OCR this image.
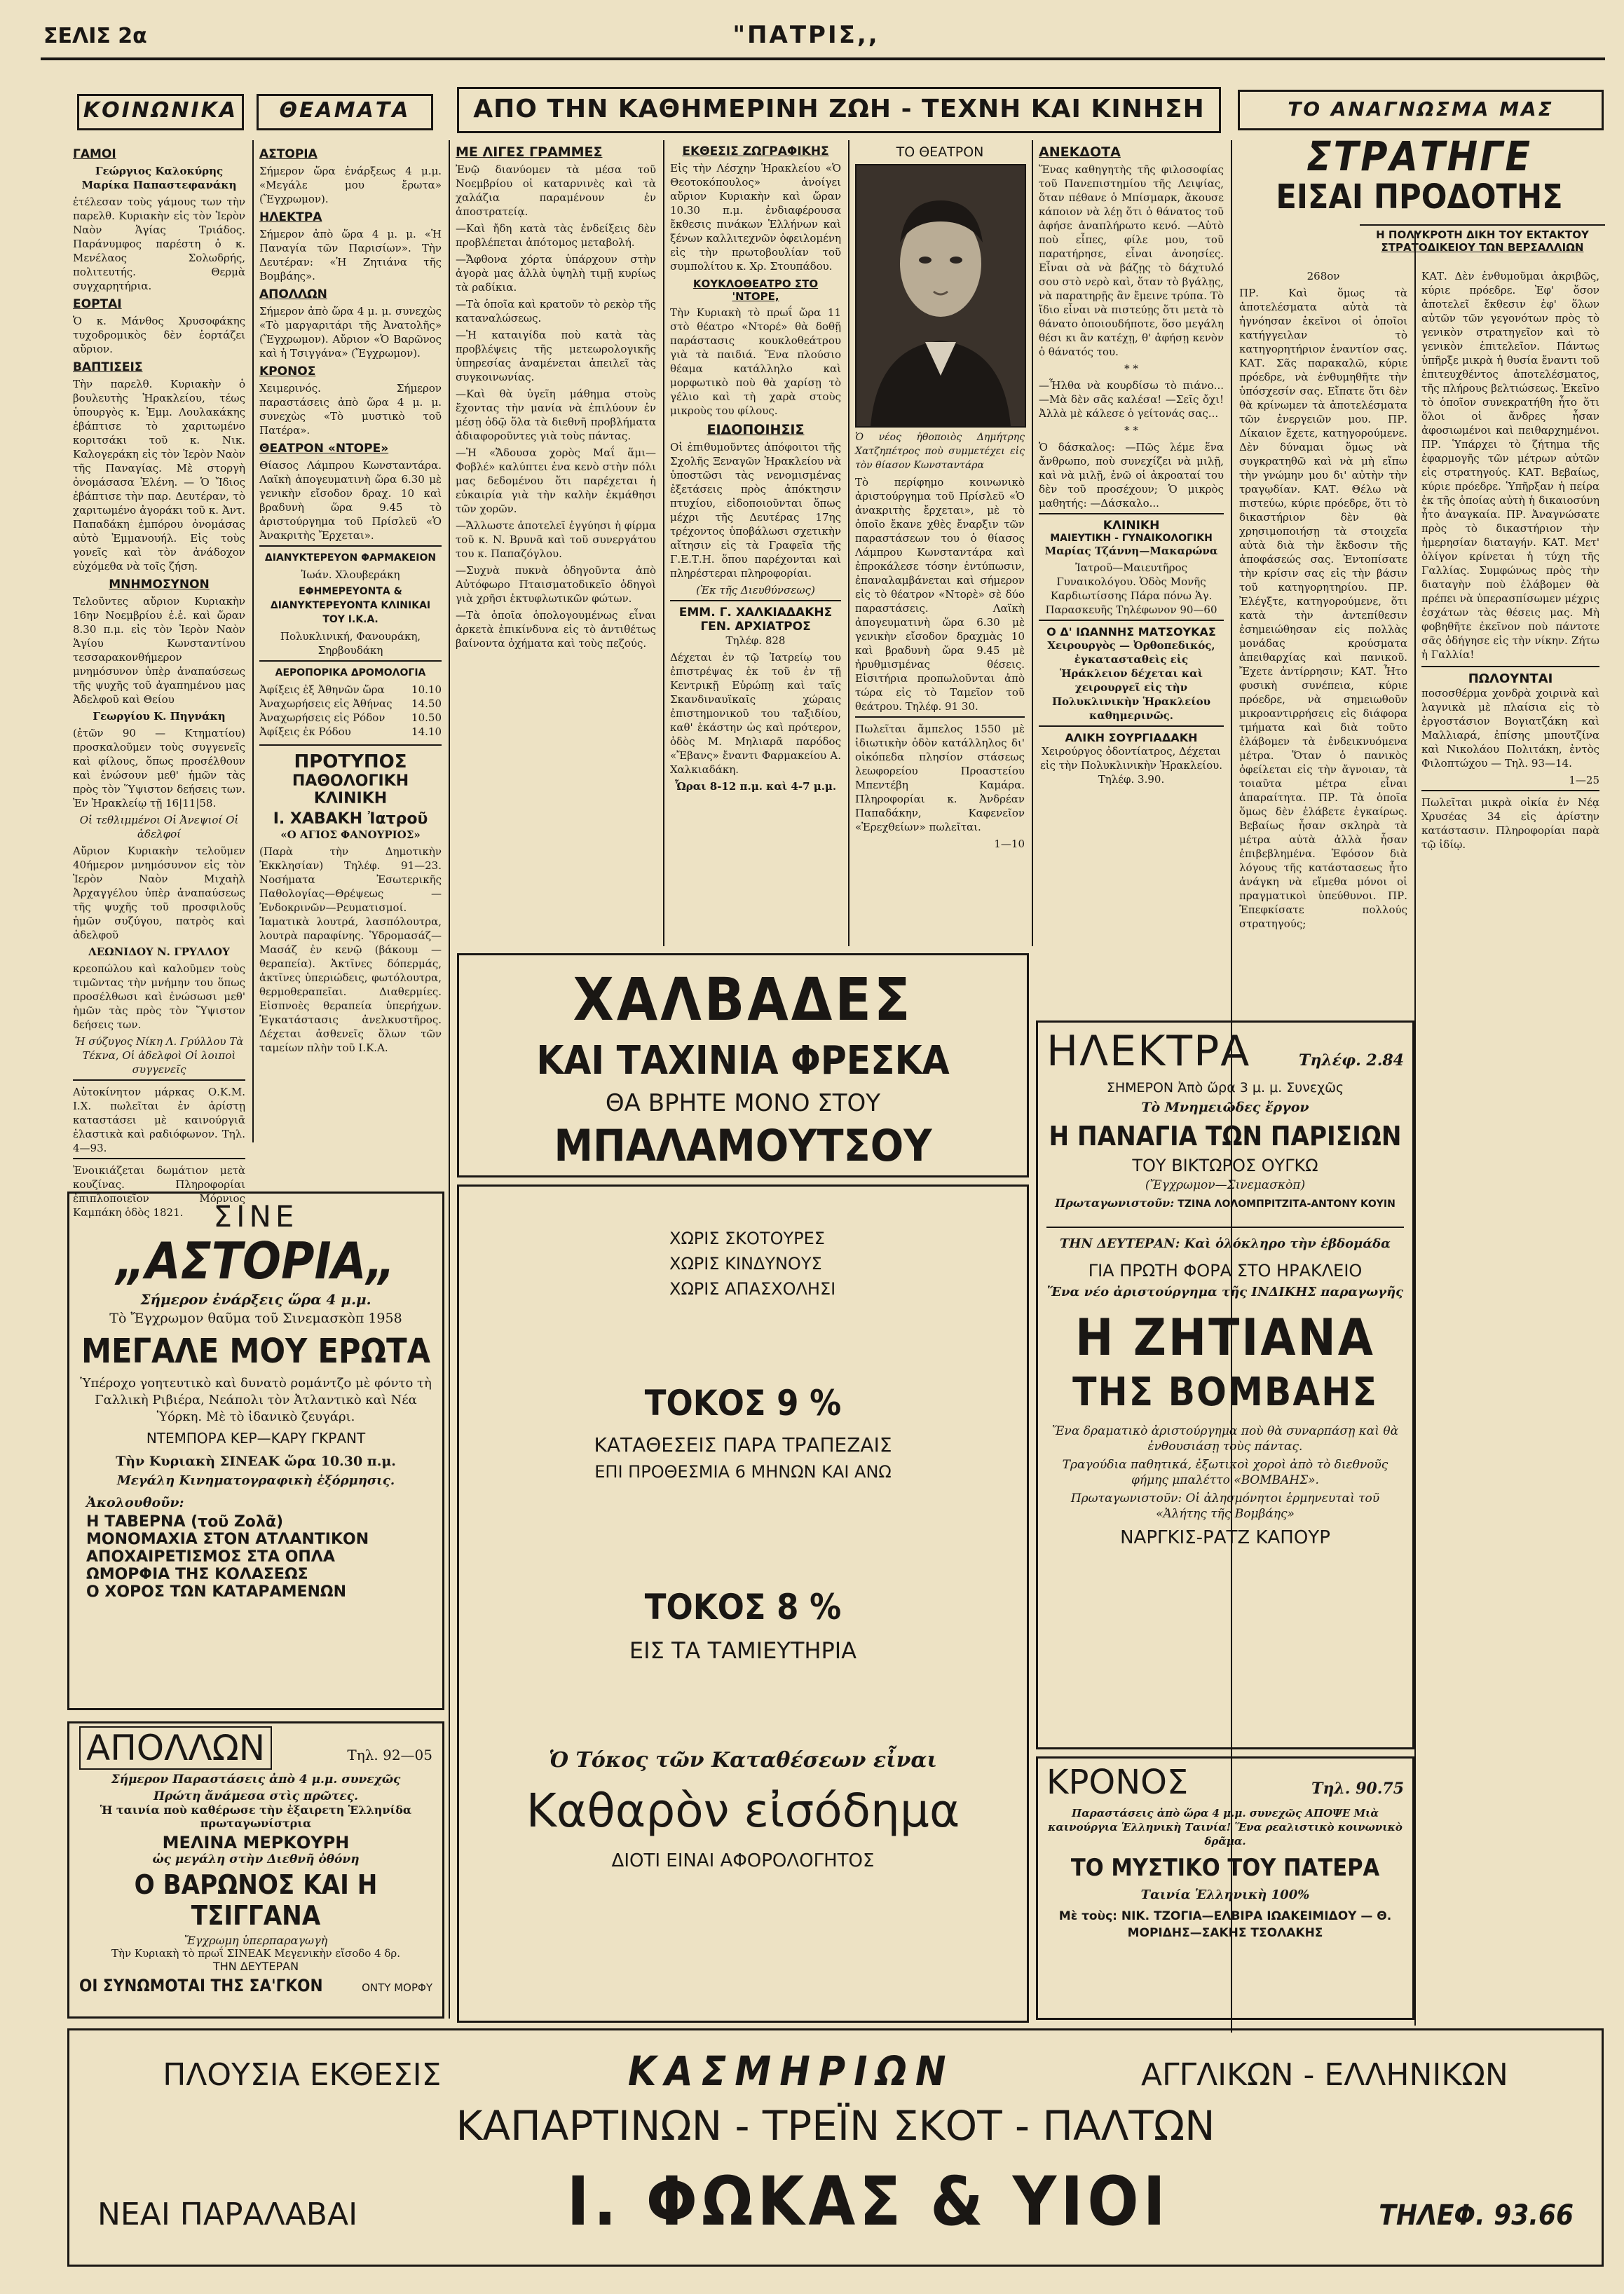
ΣΕΛΙΣ 2α	"ΠΑΤΡΙΣ,,
ΚΟΙΝΩΝΙΚΑ	ΘΕΑΜΑΤΑ	ΑΠΟ ΤΗΝ ΚΑΘΗΜΕΡΙΝΗ ΖΩΗ - ΤΕΧΝΗ ΚΑΙ ΚΙΝΗΣΗ	ΤΟ ΑΝΑΓΝΩΣΜΑ ΜΑΣ
ΓΑΜΟΙ
Γεώργιος Καλοκύρης Μαρίκα Παπαστεφανάκη
ἐτέλεσαν τοὺς γάμους των τὴν παρελθ. Κυριακὴν εἰς τὸν Ἱερὸν Ναὸν Ἁγίας Τριάδος. Παράνυμφος παρέστη ὁ κ. Μενέλαος Σολωδρής, πολιτευτής. Θερμὰ συγχαρητήρια.
ΕΟΡΤΑΙ
Ὁ κ. Μάνθος Χρυσοφάκης τυχοδρομικὸς δὲν ἑορτάζει αὔριον.
ΒΑΠΤΙΣΕΙΣ
Τὴν παρελθ. Κυριακὴν ὁ βουλευτὴς Ἡρακλείου, τέως ὑπουργὸς κ. Ἐμμ. Λουλακάκης ἐβάπτισε τὸ χαριτωμένο κοριτσάκι τοῦ κ. Νικ. Καλογεράκη εἰς τὸν Ἱερὸν Ναὸν τῆς Παναγίας. Μὲ στοργὴ ὀνομάσασα Ἑλένη. — Ὁ Ἴδιος ἐβάπτισε τὴν παρ. Δευτέραν, τὸ χαριτωμένο ἀγοράκι τοῦ κ. Ἀντ. Παπαδάκη ἐμπόρου ὀνομάσας αὐτὸ Ἐμμανουήλ. Εἰς τοὺς γονεῖς καὶ τὸν ἀνάδοχον εὐχόμεθα νὰ τοῖς ζήση.
ΜΝΗΜΟΣΥΝΟΝ
Τελοῦντες αὔριον Κυριακὴν 16ην Νοεμβρίου ἐ.ἑ. καὶ ὥραν 8.30 π.μ. εἰς τὸν Ἱερὸν Ναὸν Ἁγίου Κωνσταντίνου τεσσαρακονθήμερον μνημόσυνον ὑπὲρ ἀναπαύσεως τῆς ψυχῆς τοῦ ἀγαπημένου μας Ἀδελφοῦ καὶ Θείου
Γεωργίου Κ. Πηγνάκη
(ἐτῶν 90 — Κτηματίου) προσκαλοῦμεν τοὺς συγγενεῖς καὶ φίλους, ὅπως προσέλθουν καὶ ἑνώσουν μεθ' ἡμῶν τὰς πρὸς τὸν Ὕψιστον δεήσεις των. Ἐν Ἡρακλείῳ τῇ 16|11|58.
Οἱ τεθλιμμένοι Οἱ Ἀνεψιοί Οἱ ἀδελφοί
Αὔριον Κυριακὴν τελοῦμεν 40ήμερον μνημόσυνον εἰς τὸν Ἱερὸν Ναὸν Μιχαὴλ Ἀρχαγγέλου ὑπὲρ ἀναπαύσεως τῆς ψυχῆς τοῦ προσφιλοῦς ἡμῶν συζύγου, πατρὸς καὶ ἀδελφοῦ
ΛΕΩΝΙΔΟΥ Ν. ΓΡΥΛΛΟΥ
κρεοπώλου καὶ καλοῦμεν τοὺς τιμῶντας τὴν μνήμην του ὅπως προσέλθωσι καὶ ἑνώσωσι μεθ' ἡμῶν τὰς πρὸς τὸν Ὕψιστον δεήσεις των.
Ἡ σύζυγος Νίκη Λ. Γρύλλου Τὰ Τέκνα, Οἱ ἀδελφοὶ Οἱ λοιποὶ συγγενεῖς
Αὐτοκίνητον μάρκας Ο.Κ.Μ. Ι.Χ. πωλεῖται ἐν ἀρίστῃ καταστάσει μὲ καινούργιᾱ ἐλαστικὰ καὶ ραδιόφωνον. Τηλ. 4—93.
Ἐνοικιάζεται δωμάτιον μετὰ κουζίνας. Πληροφορίαι ἐπιπλοποιεῖον Μόρνιος Καμπάκη ὁδὸς 1821.
ΑΣΤΟΡΙΑ
Σήμερον ὥρα ἐνάρξεως 4 μ.μ. «Μεγάλε μου ἔρωτα» (Ἔγχρωμον).
ΗΛΕΚΤΡΑ
Σήμερον ἀπὸ ὥρα 4 μ. μ. «Ἡ Παναγία τῶν Παρισίων». Τὴν Δευτέραν: «Ἡ Ζητιάνα τῆς Βομβάης».
ΑΠΟΛΛΩΝ
Σήμερον ἀπὸ ὥρα 4 μ. μ. συνεχὼς «Τὸ μαργαριτάρι τῆς Ἀνατολῆς» (Ἔγχρωμον). Αὔριον «Ὁ Βαρῶνος καὶ ἡ Τσιγγάνα» (Ἔγχρωμον).
ΚΡΟΝΟΣ
Χειμερινός. Σήμερον παραστάσεις ἀπὸ ὥρα 4 μ. μ. συνεχὼς «Τὸ μυστικὸ τοῦ Πατέρα».
ΘΕΑΤΡΟΝ «ΝΤΟΡΕ»
Θίασος Λάμπρου Κωνσταντάρα. Λαϊκὴ ἀπογευματινὴ ὥρα 6.30 μὲ γενικὴν εἴσοδον δραχ. 10 καὶ βραδυνὴ ὥρα 9.45 τὸ ἀριστούργημα τοῦ Πρίσλεϋ «Ὁ Ἀνακριτὴς Ἔρχεται».
ΔΙΑΝΥΚΤΕΡΕΥΟΝ ΦΑΡΜΑΚΕΙΟΝ
Ἰωάν. Χλουβεράκη
ΕΦΗΜΕΡΕΥΟΝΤΑ & ΔΙΑΝΥΚΤΕΡΕΥΟΝΤΑ ΚΛΙΝΙΚΑΙ ΤΟΥ Ι.Κ.Α.
Πολυκλινική, Φανουράκη, Σηρβουδάκη
ΑΕΡΟΠΟΡΙΚΑ ΔΡΟΜΟΛΟΓΙΑ
Ἀφίξεις ἐξ Ἀθηνῶν ὥρα	10.10
Ἀναχωρήσεις εἰς Ἀθήνας 14.50
Ἀναχωρήσεις εἰς Ρόδον	10.50
Ἀφίξεις ἐκ Ρόδου	14.10
ΠΡΟΤΥΠΟΣ
ΠΑΘΟΛΟΓΙΚΗ ΚΛΙΝΙΚΗ
Ι. ΧΑΒΑΚΗ Ἰατροῦ
«Ο ΑΓΙΟΣ ΦΑΝΟΥΡΙΟΣ»
(Παρὰ τὴν Δημοτικὴν Ἐκκλησίαν) Τηλέφ. 91—23. Νοσήματα Ἐσωτερικῆς Παθολογίας—Θρέψεως — Ἐνδοκρινῶν—Ρευματισμοί. Ἰαματικὰ λουτρά, λασπόλουτρα, λουτρὰ παραφίνης. Ὑδρομασάζ—Μασάζ ἐν κενῷ (βάκουμ — θεραπεία). Ἀκτῖνες δόπερμάς, ἀκτῖνες ὑπεριώδεις, φωτόλουτρα, θερμοθεραπεῖαι. Διαθερμίες. Εἰσπνοὲς θεραπεία ὑπερήχων. Ἐγκατάστασις ἀνελκυστῆρος. Δέχεται ἀσθενεῖς ὅλων τῶν ταμείων πλὴν τοῦ Ι.Κ.Α.
ΜΕ ΛΙΓΕΣ ΓΡΑΜΜΕΣ
Ἐνῷ διανύομεν τὰ μέσα τοῦ Νοεμβρίου οἱ καταρνινὲς καὶ τὰ χαλάζια παραμένουν ἐν ἀποστρατείᾳ.
—Καὶ ἤδη κατὰ τὰς ἐνδείξεις δὲν προβλέπεται ἀπότομος μεταβολή.
—Ἄφθονα χόρτα ὑπάρχουν στὴν ἀγορὰ μας ἀλλὰ ὑψηλὴ τιμῇ κυρίως τὰ ραδίκια.
—Τὰ ὁποῖα καὶ κρατοῦν τὸ ρεκὸρ τῆς καταναλώσεως.
—Ἡ καταιγίδα ποὺ κατὰ τὰς προβλέψεις τῆς μετεωρολογικῆς ὑπηρεσίας ἀναμένεται ἀπειλεῖ τὰς συγκοινωνίας.
—Καὶ θὰ ὑγεῖη μάθημα στοὺς ἔχοντας τὴν μανία νὰ ἐπιλύουν ἐν μέσῃ ὁδῷ ὅλα τὰ διεθνῆ προβλήματα ἀδιαφοροῦντες γιὰ τοὺς πάντας.
—Ἡ «Ἄδουσα χορὸς Μαΐ ἅμι—Φοβλέ» καλύπτει ἐνα κενὸ στὴν πόλι μας δεδομένου ὅτι παρέχεται ἡ εὐκαιρία γιὰ τὴν καλὴν ἐκμάθησι τῶν χορῶν.
—Ἄλλωστε ἀποτελεῖ ἐγγύησι ἡ φίρμα τοῦ κ. Ν. Βρυνᾶ καὶ τοῦ συνεργάτου του κ. Παπαζόγλου.
—Συχνὰ πυκνὰ ὁδηγοῦντα ἀπὸ Αὐτόφωρο Πταισματοδικεῖο ὁδηγοὶ γιὰ χρῆσι ἐκτυφλωτικῶν φώτων.
—Τὰ ὁποῖα ὁπολογουμένως εἶναι ἀρκετὰ ἐπικίνδυνα εἰς τὸ ἀντιθέτως βαίνοντα ὀχήματα καὶ τοὺς πεζούς.
ΕΚΘΕΣΙΣ ΖΩΓΡΑΦΙΚΗΣ
Εἰς τὴν Λέσχην Ἡρακλείου «Ὁ Θεοτοκόπουλος» ἀνοίγει αὔριον Κυριακὴν καὶ ὥραν 10.30 π.μ. ἐνδιαφέρουσα ἔκθεσις πινάκων Ἑλλήνων καὶ ξένων καλλιτεχνῶν ὀφειλομένη εἰς τὴν πρωτοβουλίαν τοῦ συμπολίτου κ. Χρ. Στουπάδου.
ΚΟΥΚΛΟΘΕΑΤΡΟ ΣΤΟ 'ΝΤΟΡΕ,
Τὴν Κυριακὴ τὸ πρωΐ ὥρα 11 στὸ θέατρο «Ντορέ» θὰ δοθῇ παράστασις κουκλοθεάτρου γιὰ τὰ παιδιά. Ἕνα πλούσιο θέαμα κατάλληλο καὶ μορφωτικὸ ποὺ θὰ χαρίσῃ τὸ γέλιο καὶ τὴ χαρὰ στοὺς μικροὺς του φίλους.
ΕΙΔΟΠΟΙΗΣΙΣ
Οἱ ἐπιθυμοῦντες ἀπόφοιτοι τῆς Σχολῆς Ξεναγῶν Ἡρακλείου νὰ ὑποστῶσι τὰς νενομισμένας ἐξετάσεις πρὸς ἀπόκτησιν πτυχίου, εἰδοποιοῦνται ὅπως μέχρι τῆς Δευτέρας 17ης τρέχοντος ὑποβάλωσι σχετικὴν αἴτησιν εἰς τὰ Γραφεῖα τῆς Γ.Ε.Τ.Η. ὅπου παρέχονται καὶ πληρέστεραι πληροφορίαι.
(Ἐκ τῆς Διευθύνσεως)
ΕΜΜ. Γ. ΧΑΛΚΙΑΔΑΚΗΣ
ΓΕΝ. ΑΡΧΙΑΤΡΟΣ
Τηλέφ. 828
Δέχεται ἐν τῷ Ἰατρείῳ του ἐπιστρέψας ἐκ τοῦ ἐν τῇ Κεντρικῇ Εὐρώπῃ καὶ ταῖς Σκανδιναυϊκαῖς χώραις ἐπιστημονικοῦ του ταξιδίου, καθ' ἑκάστην ὡς καὶ πρότερον, ὁδὸς Μ. Μηλιαρᾶ παρόδος «Ἔβανς» ἔναντι Φαρμακείου Α. Χαλκιαδάκη.
Ὧραι 8-12 π.μ. καὶ 4-7 μ.μ.
ΤΟ ΘΕΑΤΡΟΝ
Ὁ νέος ἠθοποιὸς Δημήτρης Χατζηπέτρος ποὺ συμμετέχει εἰς τὸν θίασον Κωνσταντάρα
Τὸ περίφημο κοινωνικὸ ἀριστούργημα τοῦ Πρίσλεϋ «Ὁ ἀνακριτὴς ἔρχεται», μὲ τὸ ὁποῖο ἔκανε χθὲς ἔναρξιν τῶν παραστάσεων του ὁ θίασος Λάμπρου Κωνσταντάρα καὶ ἐπροκάλεσε τόσην ἐντύπωσιν, ἐπαναλαμβάνεται καὶ σήμερον εἰς τὸ θέατρον «Ντορὲ» σὲ δύο παραστάσεις. Λαϊκὴ ἀπογευματινὴ ὥρα 6.30 μὲ γενικὴν εἴσοδον δραχμὰς 10 καὶ βραδυνὴ ὥρα 9.45 μὲ ἠρυθμισμένας θέσεις. Εἰσιτήρια προπωλοῦνται ἀπὸ τώρα εἰς τὸ Ταμεῖον τοῦ θεάτρου. Τηλέφ. 91 30.
Πωλεῖται ἄμπελος 1550 μὲ ἰδιωτικὴν ὁδὸν κατάλληλος δι' οἰκόπεδα πλησίον στάσεως λεωφορείου Προαστείου Μπεντέβη Καμάρα. Πληροφορίαι κ. Ἀνδρέαν Παπαδάκην, Καφενεῖον «Ἑρεχθείων» πωλεῖται.
1—10
ΑΝΕΚΔΟΤΑ
Ἕνας καθηγητὴς τῆς φιλοσοφίας τοῦ Πανεπιστημίου τῆς Λειψίας, ὅταν πέθανε ὁ Μπίσμαρκ, ἄκουσε κάποιον νὰ λέῃ ὅτι ὁ θάνατος τοῦ ἀφήσε ἀναπλήρωτο κενό. —Αὐτὸ ποὺ εἶπες, φίλε μου, τοῦ παρατήρησε, εἶναι ἀνοησίες. Εἶναι σὰ νὰ βάζῃς τὸ δάχτυλό σου στὸ νερὸ καὶ, ὅταν τὸ βγάλῃς, νὰ παρατηρῇς ἂν ἔμεινε τρύπα. Τὸ ἴδιο εἶναι νὰ πιστεύῃς ὅτι μετὰ τὸ θάνατο ὁποιουδήποτε, ὅσο μεγάλη θέσι κι ἂν κατέχῃ, θ' ἀφήσῃ κενὸν ὁ θάνατός του.
* *
—Ἦλθα νὰ κουρδίσω τὸ πιάνο... —Μὰ δὲν σᾶς καλέσα! —Σεῖς ὄχι! Ἀλλὰ μὲ κάλεσε ὁ γείτονάς σας...
* *
Ὁ δάσκαλος: —Πῶς λέμε ἕνα ἄνθρωπο, ποὺ συνεχίζει νὰ μιλῇ, καὶ νὰ μιλῇ, ἐνῶ οἱ ἀκροαταί του δὲν τοῦ προσέχουν; Ὁ μικρὸς μαθητής: —Δάσκαλο...
ΚΛΙΝΙΚΗ
ΜΑΙΕΥΤΙΚΗ - ΓΥΝΑΙΚΟΛΟΓΙΚΗ
Μαρίας Τζάννη—Μακαρώνα
Ἰατροῦ—Μαιευτῆρος Γυναικολόγου. Ὁδὸς Μονῆς Καρδιωτίσσης Πάρα πόνω Ἁγ. Παρασκευῆς Τηλέφωνον 90—60
Ο Δ' ΙΩΑΝΝΗΣ ΜΑΤΣΟΥΚΑΣ
Χειρουργὸς — Ὀρθοπεδικός, ἐγκατασταθεὶς εἰς Ἡράκλειον δέχεται καὶ χειρουργεῖ εἰς τὴν Πολυκλινικὴν Ἡρακλείου καθημερινῶς.
ΑΛΙΚΗ ΣΟΥΡΓΙΑΔΑΚΗ
Χειρούργος ὀδοντίατρος, Δέχεται εἰς τὴν Πολυκλινικὴν Ἡρακλείου. Τηλέφ. 3.90.
ΧΑΛΒΑΔΕΣ
ΚΑΙ ΤΑΧΙΝΙΑ ΦΡΕΣΚΑ
ΘΑ ΒΡΗΤΕ ΜΟΝΟ ΣΤΟΥ
ΜΠΑΛΑΜΟΥΤΣΟΥ
ΧΩΡΙΣ ΣΚΟΤΟΥΡΕΣ
ΧΩΡΙΣ ΚΙΝΔΥΝΟΥΣ
ΧΩΡΙΣ ΑΠΑΣΧΟΛΗΣΙ
ΤΟΚΟΣ 9 %
ΚΑΤΑΘΕΣΕΙΣ ΠΑΡΑ ΤΡΑΠΕΖΑΙΣ
ΕΠΙ ΠΡΟΘΕΣΜΙΑ 6 ΜΗΝΩΝ ΚΑΙ ΑΝΩ
ΤΟΚΟΣ 8 %
ΕΙΣ ΤΑ ΤΑΜΙΕΥΤΗΡΙΑ
Ὁ Τόκος τῶν Καταθέσεων εἶναι
Καθαρὸν εἰσόδημα
ΔΙΟΤΙ ΕΙΝΑΙ ΑΦΟΡΟΛΟΓΗΤΟΣ
ΣΙΝΕ
„ΑΣΤΟΡΙΑ„
Σήμερον ἐνάρξεις ὥρα 4 μ.μ.
Τὸ Ἔγχρωμον θαῦμα τοῦ Σινεμασκὸπ 1958
ΜΕΓΑΛΕ ΜΟΥ ΕΡΩΤΑ
Ὑπέροχο γοητευτικὸ καὶ δυνατὸ ρομάντζο μὲ φόντο τὴ Γαλλικὴ Ριβιέρα, Νεάπολι τὸν Ἀτλαντικὸ καὶ Νέα Ὑόρκη. Μὲ τὸ ἰδανικὸ ζευγάρι.
ΝΤΕΜΠΟΡΑ ΚΕΡ—ΚΑΡΥ ΓΚΡΑΝΤ
Τὴν Κυριακὴ ΣΙΝΕΑΚ ὥρα 10.30 π.μ.
Μεγάλη Κινηματογραφικὴ ἐξόρμησις.
Ἀκολουθοῦν:
Η ΤΑΒΕΡΝΑ (τοῦ Ζολᾶ)
ΜΟΝΟΜΑΧΙΑ ΣΤΟΝ ΑΤΛΑΝΤΙΚΟΝ
ΑΠΟΧΑΙΡΕΤΙΣΜΟΣ ΣΤΑ ΟΠΛΑ
ΩΜΟΡΦΙΑ ΤΗΣ ΚΟΛΑΣΕΩΣ
Ο ΧΟΡΟΣ ΤΩΝ ΚΑΤΑΡΑΜΕΝΩΝ
ΑΠΟΛΛΩΝ	Τηλ. 92—05
Σήμερον Παραστάσεις ἀπὸ 4 μ.μ. συνεχῶς
Πρώτη ἄνάμεσα στὶς πρῶτες.
Ἡ ταινία ποὺ καθέρωσε τὴν ἐξαιρετη Ἑλληνίδα πρωταγωνίστρια
ΜΕΛΙΝΑ ΜΕΡΚΟΥΡΗ
ὡς μεγάλη στὴν Διεθνῆ ὀθόνη
Ο ΒΑΡΩΝΟΣ ΚΑΙ Η ΤΣΙΓΓΑΝΑ
Ἔγχρωμη ὑπερπαραγωγὴ
Τὴν Κυριακὴ τὸ πρωΐ ΣΙΝΕΑΚ Μεγενικὴν εἴσοδο 4 δρ.
ΤΗΝ ΔΕΥΤΕΡΑΝ
ΟΙ ΣΥΝΩΜΟΤΑΙ ΤΗΣ ΣΑ'ΓΚΟΝ	ΟΝΤΥ ΜΟΡΦΥ
ΗΛΕΚΤΡΑ	Τηλέφ. 2.84
ΣΗΜΕΡΟΝ Ἀπὸ ὥρα 3 μ. μ. Συνεχῶς
Τὸ Μνημειῶδες ἔργον
Η ΠΑΝΑΓΙΑ ΤΩΝ ΠΑΡΙΣΙΩΝ
ΤΟΥ ΒΙΚΤΩΡΟΣ ΟΥΓΚΩ
(Ἔγχρωμον—Σινεμασκὸπ)
Πρωταγωνιστοῦν: ΤΖΙΝΑ ΛΟΛΟΜΠΡΙΤΖΙΤΑ-ΑΝΤΟΝΥ ΚΟΥΙΝ
ΤΗΝ ΔΕΥΤΕΡΑΝ: Καὶ ὁλόκληρο τὴν ἑβδομάδα
ΓΙΑ ΠΡΩΤΗ ΦΟΡΑ ΣΤΟ ΗΡΑΚΛΕΙΟ
Ἕνα νέο ἀριστούργημα τῆς ΙΝΔΙΚΗΣ παραγωγῆς
Η ΖΗΤΙΑΝΑ
ΤΗΣ ΒΟΜΒΑΗΣ
Ἕνα δραματικὸ ἀριστούργημα ποὺ θὰ συναρπάσῃ καὶ θὰ ἐνθουσιάσῃ τοὺς πάντας.
Τραγούδια παθητικά, ἐξωτικοὶ χοροὶ ἀπὸ τὸ διεθνοῦς φήμης μπαλέττο «ΒΟΜΒΑΗΣ».
Πρωταγωνιστοῦν: Οἱ ἀλησμόνητοι ἑρμηνευταὶ τοῦ «Ἀλήτης τῆς Βομβάης»
ΝΑΡΓΚΙΣ-ΡΑΤΖ ΚΑΠΟΥΡ
ΚΡΟΝΟΣ	Τηλ. 90.75
Παραστάσεις ἀπὸ ὥρα 4 μ.μ. συνεχῶς ΑΠΟΨΕ Μιὰ καινούργια Ἑλληνικὴ Ταινία! Ἕνα ρεαλιστικὸ κοινωνικὸ δρᾶμα.
ΤΟ ΜΥΣΤΙΚΟ ΤΟΥ ΠΑΤΕΡΑ
Ταινία Ἑλληνικὴ 100%
Μὲ τοὺς: ΝΙΚ. ΤΖΟΓΙΑ—ΕΛΒΙΡΑ ΙΩΑΚΕΙΜΙΔΟΥ — Θ. ΜΟΡΙΔΗΣ—ΣΑΚΗΣ ΤΣΟΛΑΚΗΣ
ΣΤΡΑΤΗΓΕ
ΕΙΣΑΙ ΠΡΟΔΟΤΗΣ
Η ΠΟΛΥΚΡΟΤΗ ΔΙΚΗ ΤΟΥ ΕΚΤΑΚΤΟΥ
ΣΤΡΑΤΟΔΙΚΕΙΟΥ ΤΩΝ ΒΕΡΣΑΛΛΙΩΝ
268ον
ΠΡ. Καὶ ὅμως τὰ ἀποτελέσματα αὐτὰ τὰ ἠγνόησαν ἐκεῖνοι οἱ ὁποῖοι κατήγγειλαν τὸ κατηγορητήριον ἐναντίον σας. ΚΑΤ. Σᾶς παρακαλῶ, κύριε πρόεδρε, νὰ ἐνθυμηθῆτε τὴν ὑπόσχεσίν σας. Εἴπατε ὅτι δὲν θὰ κρίνωμεν τὰ ἀποτελέσματα τῶν ἐνεργειῶν μου. ΠΡ. Δίκαιον ἔχετε, κατηγορούμενε. Δὲν δύναμαι ὅμως νὰ συγκρατηθῶ καὶ νὰ μὴ εἴπω τὴν γνώμην μου δι' αὐτὴν τὴν τραγῳδίαν. ΚΑΤ. Θέλω νὰ πιστεύω, κύριε πρόεδρε, ὅτι τὸ δικαστήριον δὲν θὰ χρησιμοποιήσῃ τὰ στοιχεῖα αὐτὰ διὰ τὴν ἔκδοσιν τῆς ἀποφάσεώς σας. Ἐντοπίσατε τὴν κρίσιν σας εἰς τὴν βάσιν τοῦ κατηγορητηρίου. ΠΡ. Ἐλέγξτε, κατηγορούμενε, ὅτι κατὰ τὴν ἀντεπίθεσιν ἐσημειώθησαν εἰς πολλὰς μονάδας κρούσματα ἀπειθαρχίας καὶ πανικοῦ. Ἔχετε ἀντίρρησιν; ΚΑΤ. Ἦτο φυσικὴ συνέπεια, κύριε πρόεδρε, νὰ σημειωθοῦν μικροαντιρρήσεις εἰς διάφορα τμήματα καὶ διὰ τοῦτο ἐλάβομεν τὰ ἐνδεικνυόμενα μέτρα. Ὅταν ὁ πανικὸς ὀφείλεται εἰς τὴν ἄγνοιαν, τὰ τοιαῦτα μέτρα εἶναι ἀπαραίτητα. ΠΡ. Τὰ ὁποῖα ὅμως δὲν ἐλάβετε ἐγκαίρως. Βεβαίως ἦσαν σκληρὰ τὰ μέτρα αὐτὰ ἀλλὰ ἦσαν ἐπιβεβλημένα. Ἐφόσον διὰ λόγους τῆς κατάστασεως ἦτο ἀνάγκη νὰ εἴμεθα μόνοι οἱ πραγματικοὶ ὑπεύθυνοι. ΠΡ. Ἐπεφκίσατε πολλούς στρατηγούς;
ΚΑΤ. Δὲν ἐνθυμοῦμαι ἀκριβῶς, κύριε πρόεδρε. Ἐφ' ὅσον ἀποτελεῖ ἔκθεσιν ἐφ' ὅλων αὐτῶν τῶν γεγονότων πρὸς τὸ γενικὸν στρατηγεῖον καὶ τὸ γενικὸν ἐπιτελεῖον. Πάντως ὑπῆρξε μικρὰ ἡ θυσία ἔναντι τοῦ ἐπιτευχθέντος ἀποτελέσματος, τῆς πλήρους βελτιώσεως. Ἐκεῖνο τὸ ὁποῖον συνεκρατήθη ἦτο ὅτι ὅλοι οἱ ἄνδρες ἦσαν ἀφοσιωμένοι καὶ πειθαρχημένοι. ΠΡ. Ὑπάρχει τὸ ζήτημα τῆς ἐφαρμογῆς τῶν μέτρων αὐτῶν εἰς στρατηγούς. ΚΑΤ. Βεβαίως, κύριε πρόεδρε. Ὑπῆρξαν ἡ πείρα ἐκ τῆς ὁποίας αὐτὴ ἡ δικαιοσύνη ἦτο ἀναγκαία. ΠΡ. Ἀναγνώσατε πρὸς τὸ δικαστήριον τὴν ἡμερησίαν διαταγήν. ΚΑΤ. Μετ' ὀλίγον κρίνεται ἡ τύχη τῆς Γαλλίας. Συμφώνως πρὸς τὴν διαταγὴν ποὺ ἐλάβομεν θὰ πρέπει νὰ ὑπερασπίσωμεν μέχρις ἐσχάτων τὰς θέσεις μας. Μὴ φοβηθῆτε ἐκεῖνον ποὺ πάντοτε σᾶς ὁδήγησε εἰς τὴν νίκην. Ζήτω ἡ Γαλλία!
ΠΩΛΟΥΝΤΑΙ
ποσοσθέρμα χονδρὰ χοιρινὰ καὶ λαγνικὰ μὲ πλαίσια εἰς τὸ ἐργοστάσιον Βογιατζάκη καὶ Μαλλιαρά, ἐπίσης μπουτζίνα καὶ Νικολάου Πολιτάκη, ἐντὸς Φιλοπτώχου — Τηλ. 93—14.
1—25
Πωλεῖται μικρὰ οἰκία ἐν Νέᾳ Χρυσέας 34 εἰς ἀρίστην κατάστασιν. Πληροφορίαι παρὰ τῷ ἰδίῳ.
ΠΛΟΥΣΙΑ ΕΚΘΕΣΙΣ	ΚΑΣΜΗΡΙΩΝ	ΑΓΓΛΙΚΩΝ - ΕΛΛΗΝΙΚΩΝ
ΚΑΠΑΡΤΙΝΩΝ - ΤΡΕΪΝ ΣΚΟΤ - ΠΑΛΤΩΝ
ΝΕΑΙ ΠΑΡΑΛΑΒΑΙ	Ι. ΦΩΚΑΣ & ΥΙΟΙ	ΤΗΛΕΦ. 93.66
